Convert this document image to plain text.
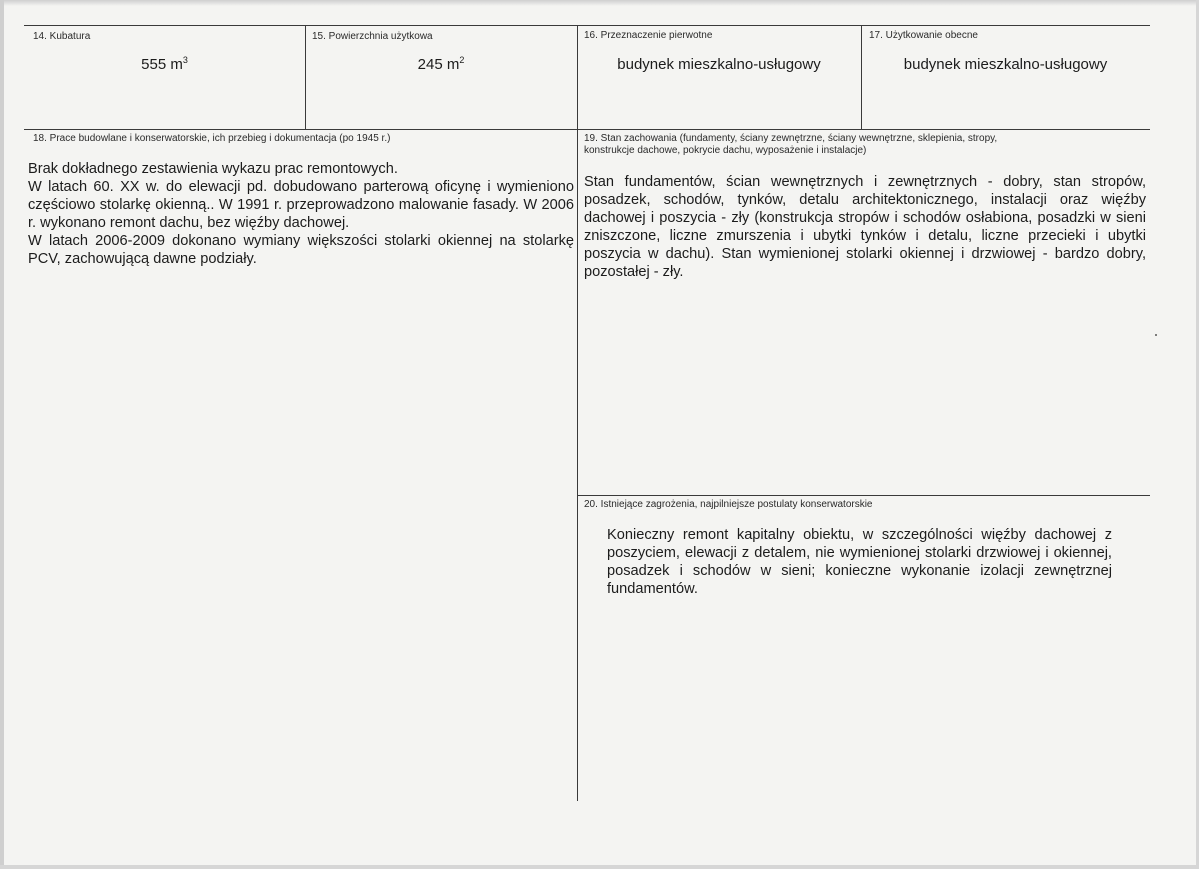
14. Kubatura
555 $m^3$
15. Powierzchnia użytkowa
245 $m^2$
16. Przeznaczenie pierwotne
budynek mieszkalno-usługowy
17. Użytkowanie obecne
budynek mieszkalno-usługowy
18. Prace budowlane i konserwatorskie, ich przebieg i dokumentacja (po 1945 r.)

Brak dokładnego zestawienia wykazu prac remontowych.

W latach 60. XX w. do elewacji pd. dobudowano parterową oficynę i wymieniono częściowo stolarkę okienną.. W 1991 r. przeprowadzono malowanie fasady. W 2006 r. wykonano remont dachu, bez więźby dachowej.

W latach 2006-2009 dokonano wymiany większości stolarki okiennej na stolarkę PCV, zachowującą dawne podziały.

19. Stan zachowania (fundamenty, ściany zewnętrzne, ściany wewnętrzne, sklepienia, stropy,
konstrukcje dachowe, pokrycie dachu, wyposażenie i instalacje)

Stan fundamentów, ścian wewnętrznych i zewnętrznych - dobry, stan stropów, posadzek, schodów, tynków, detalu architektonicznego, instalacji oraz więźby dachowej i poszycia - zły (konstrukcja stropów i schodów osłabiona, posadzki w sieni zniszczone, liczne zmurszenia i ubytki tynków i detalu, liczne przecieki i ubytki poszycia w dachu). Stan wymienionej stolarki okiennej i drzwiowej - bardzo dobry, pozostałej - zły.

20. Istniejące zagrożenia, najpilniejsze postulaty konserwatorskie

Konieczny remont kapitalny obiektu, w szczególności więźby dachowej z poszyciem, elewacji z detalem, nie wymienionej stolarki drzwiowej i okiennej, posadzek i schodów w sieni; konieczne wykonanie izolacji zewnętrznej fundamentów.
